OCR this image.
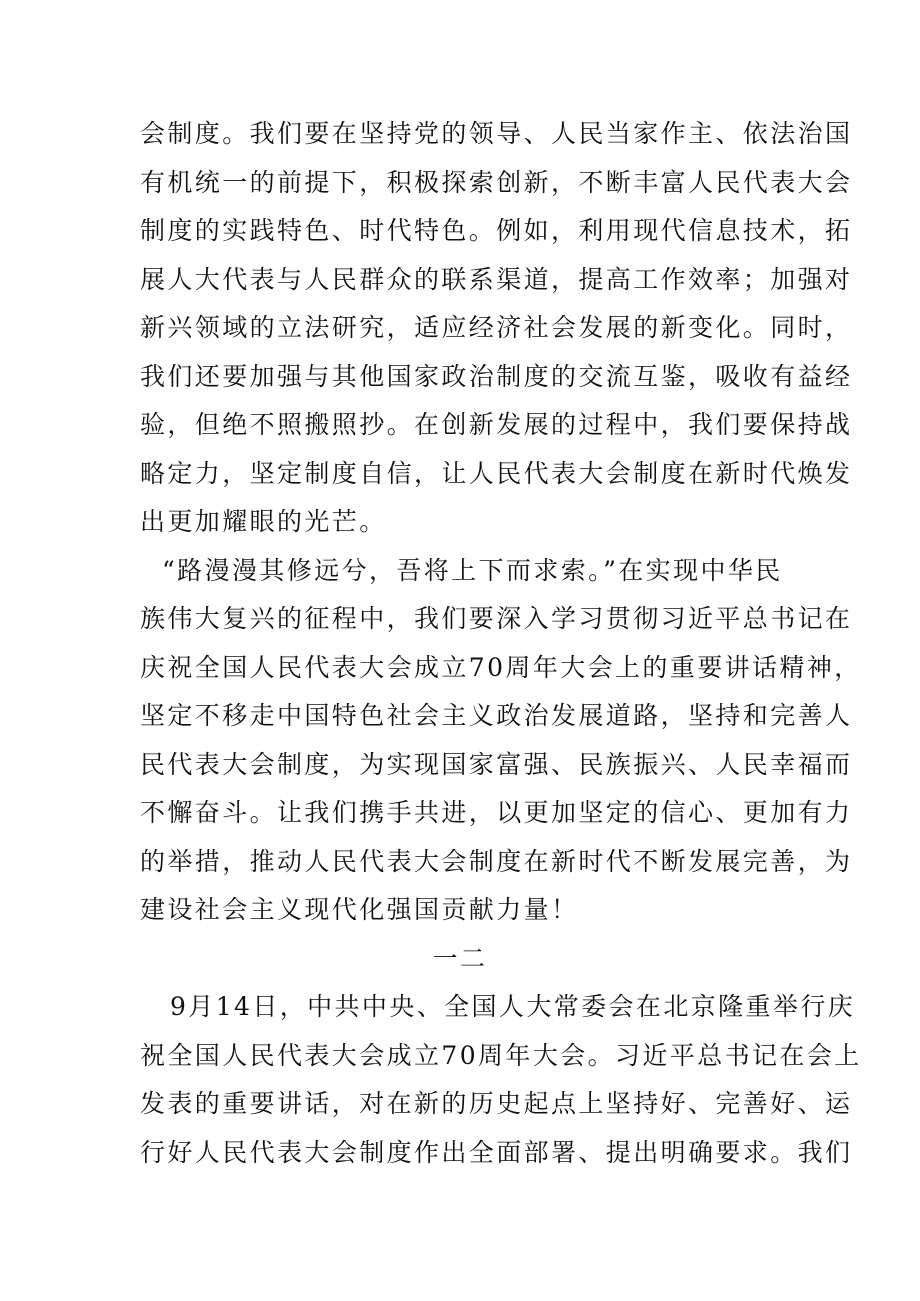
会制度。我们要在坚持党的领导、人民当家作主、依法治国
有机统一的前提下，积极探索创新，不断丰富人民代表大会
制度的实践特色、时代特色。例如，利用现代信息技术，拓
展人大代表与人民群众的联系渠道，提高工作效率；加强对
新兴领域的立法研究，适应经济社会发展的新变化。同时，
我们还要加强与其他国家政治制度的交流互鉴，吸收有益经
验，但绝不照搬照抄。在创新发展的过程中，我们要保持战
略定力，坚定制度自信，让人民代表大会制度在新时代焕发
出更加耀眼的光芒。
“路漫漫其修远兮，吾将上下而求索。”在实现中华民
族伟大复兴的征程中，我们要深入学习贯彻习近平总书记在
庆祝全国人民代表大会成立70周年大会上的重要讲话精神，
坚定不移走中国特色社会主义政治发展道路，坚持和完善人
民代表大会制度，为实现国家富强、民族振兴、人民幸福而
不懈奋斗。让我们携手共进，以更加坚定的信心、更加有力
的举措，推动人民代表大会制度在新时代不断发展完善，为
建设社会主义现代化强国贡献力量！
一二
9月14日，中共中央、全国人大常委会在北京隆重举行庆
祝全国人民代表大会成立70周年大会。习近平总书记在会上
发表的重要讲话，对在新的历史起点上坚持好、完善好、运
行好人民代表大会制度作出全面部署、提出明确要求。我们
